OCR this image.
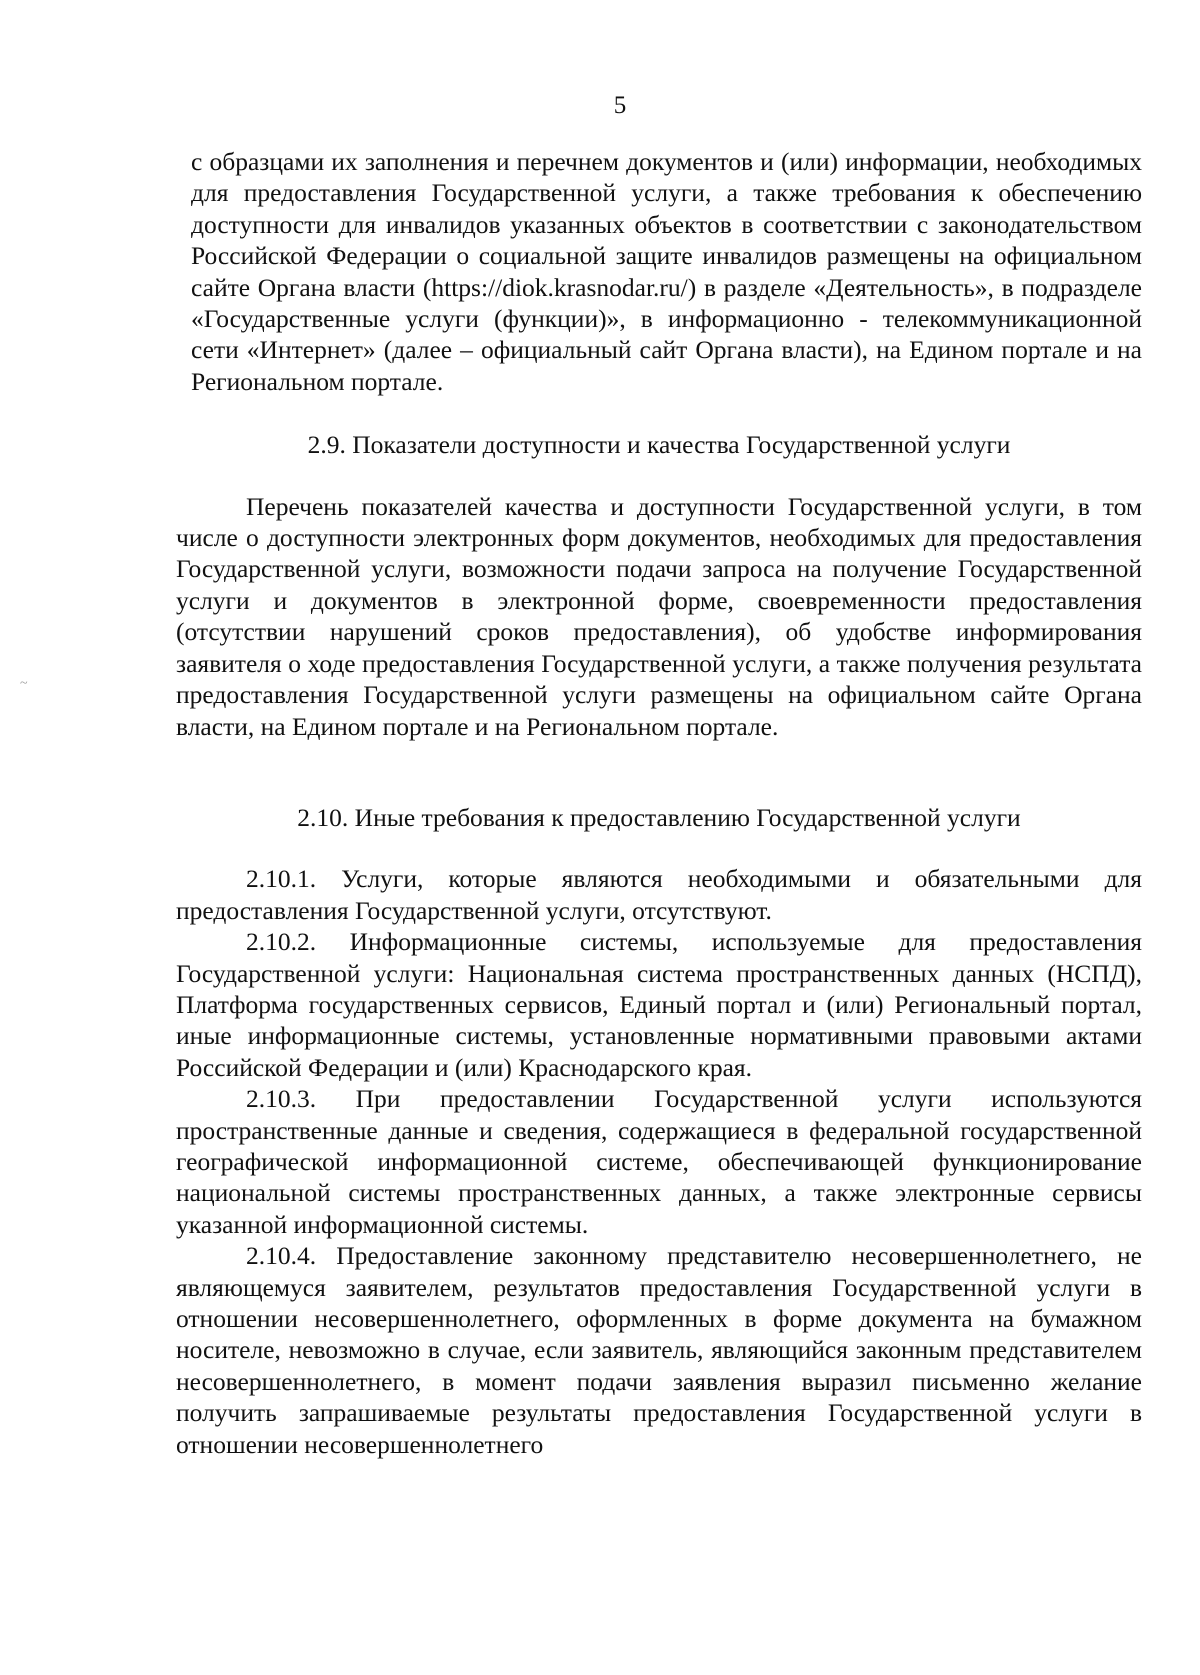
5
~

с образцами их заполнения и перечнем документов и (или) информации, необходимых для предоставления Государственной услуги, а также требования к обеспечению доступности для инвалидов указанных объектов в соответствии с законодательством Российской Федерации о социальной защите инвалидов размещены на официальном сайте Органа власти (https://diok.krasnodar.ru/) в разделе «Деятельность», в подразделе «Государственные услуги (функции)», в информационно - телекоммуникационной сети «Интернет» (далее – официальный сайт Органа власти), на Едином портале и на Региональном портале.

2.9. Показатели доступности и качества Государственной услуги

Перечень показателей качества и доступности Государственной услуги, в том числе о доступности электронных форм документов, необходимых для предоставления Государственной услуги, возможности подачи запроса на получение Государственной услуги и документов в электронной форме, своевременности предоставления (отсутствии нарушений сроков предоставления), об удобстве информирования заявителя о ходе предоставления Государственной услуги, а также получения результата предоставления Государственной услуги размещены на официальном сайте Органа власти, на Едином портале и на Региональном портале.

2.10. Иные требования к предоставлению Государственной услуги

2.10.1. Услуги, которые являются необходимыми и обязательными для предоставления Государственной услуги, отсутствуют.

2.10.2. Информационные системы, используемые для предоставления Государственной услуги: Национальная система пространственных данных (НСПД), Платформа государственных сервисов, Единый портал и (или) Региональный портал, иные информационные системы, установленные нормативными правовыми актами Российской Федерации и (или) Краснодарского края.

2.10.3. При предоставлении Государственной услуги используются пространственные данные и сведения, содержащиеся в федеральной государственной географической информационной системе, обеспечивающей функционирование национальной системы пространственных данных, а также электронные сервисы указанной информационной системы.

2.10.4. Предоставление законному представителю несовершеннолетнего, не являющемуся заявителем, результатов предоставления Государственной услуги в отношении несовершеннолетнего, оформленных в форме документа на бумажном носителе, невозможно в случае, если заявитель, являющийся законным представителем несовершеннолетнего, в момент подачи заявления выразил письменно желание получить запрашиваемые результаты предоставления Государственной услуги в отношении несовершеннолетнего
